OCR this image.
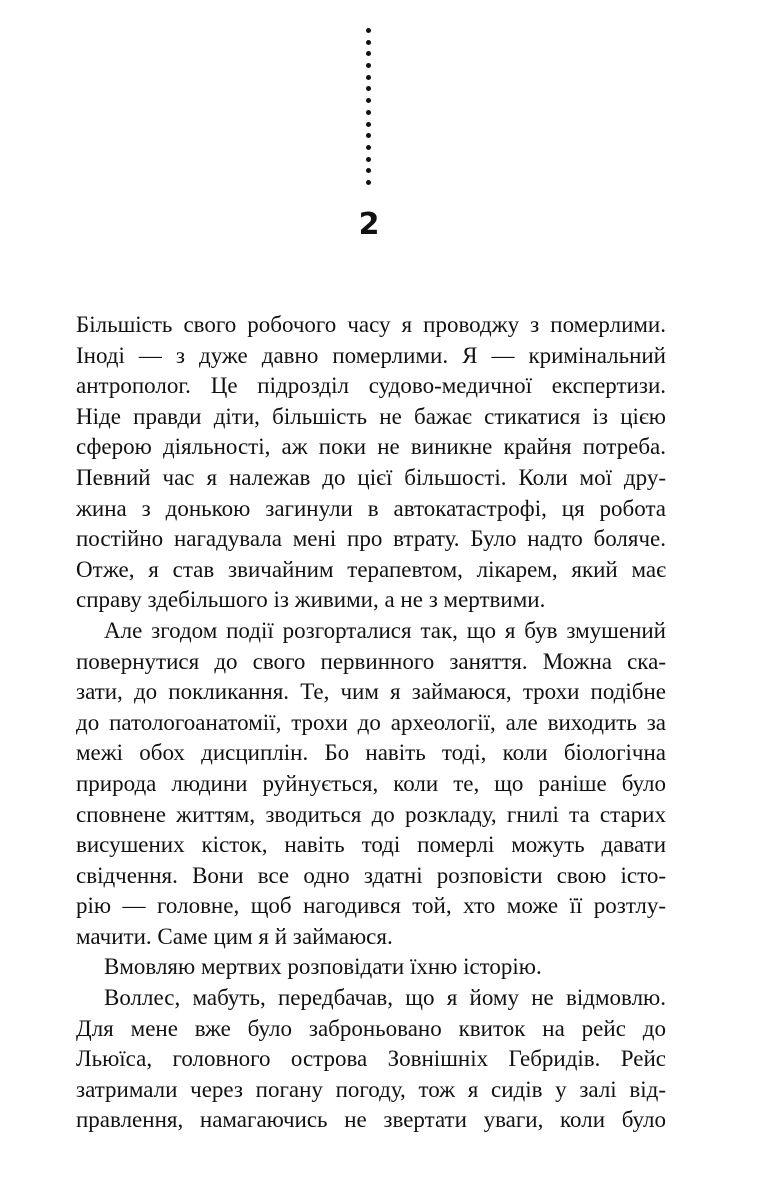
2
Більшість свого робочого часу я проводжу з померлими.
Іноді — з дуже давно померлими. Я — кримінальний
антрополог. Це підрозділ судово-медичної експертизи.
Ніде правди діти, більшість не бажає стикатися із цією
сферою діяльності, аж поки не виникне крайня потреба.
Певний час я належав до цієї більшості. Коли мої дру-
жина з донькою загинули в автокатастрофі, ця робота
постійно нагадувала мені про втрату. Було надто боляче.
Отже, я став звичайним терапевтом, лікарем, який має
справу здебільшого із живими, а не з мертвими.
Але згодом події розгорталися так, що я був змушений
повернутися до свого первинного заняття. Можна ска-
зати, до покликання. Те, чим я займаюся, трохи подібне
до патологоанатомії, трохи до археології, але виходить за
межі обох дисциплін. Бо навіть тоді, коли біологічна
природа людини руйнується, коли те, що раніше було
сповнене життям, зводиться до розкладу, гнилі та старих
висушених кісток, навіть тоді померлі можуть давати
свідчення. Вони все одно здатні розповісти свою істо-
рію — головне, щоб нагодився той, хто може її розтлу-
мачити. Саме цим я й займаюся.
Вмовляю мертвих розповідати їхню історію.
Воллес, мабуть, передбачав, що я йому не відмовлю.
Для мене вже було заброньовано квиток на рейс до
Льюїса, головного острова Зовнішніх Гебридів. Рейс
затримали через погану погоду, тож я сидів у залі від-
правлення, намагаючись не звертати уваги, коли було
